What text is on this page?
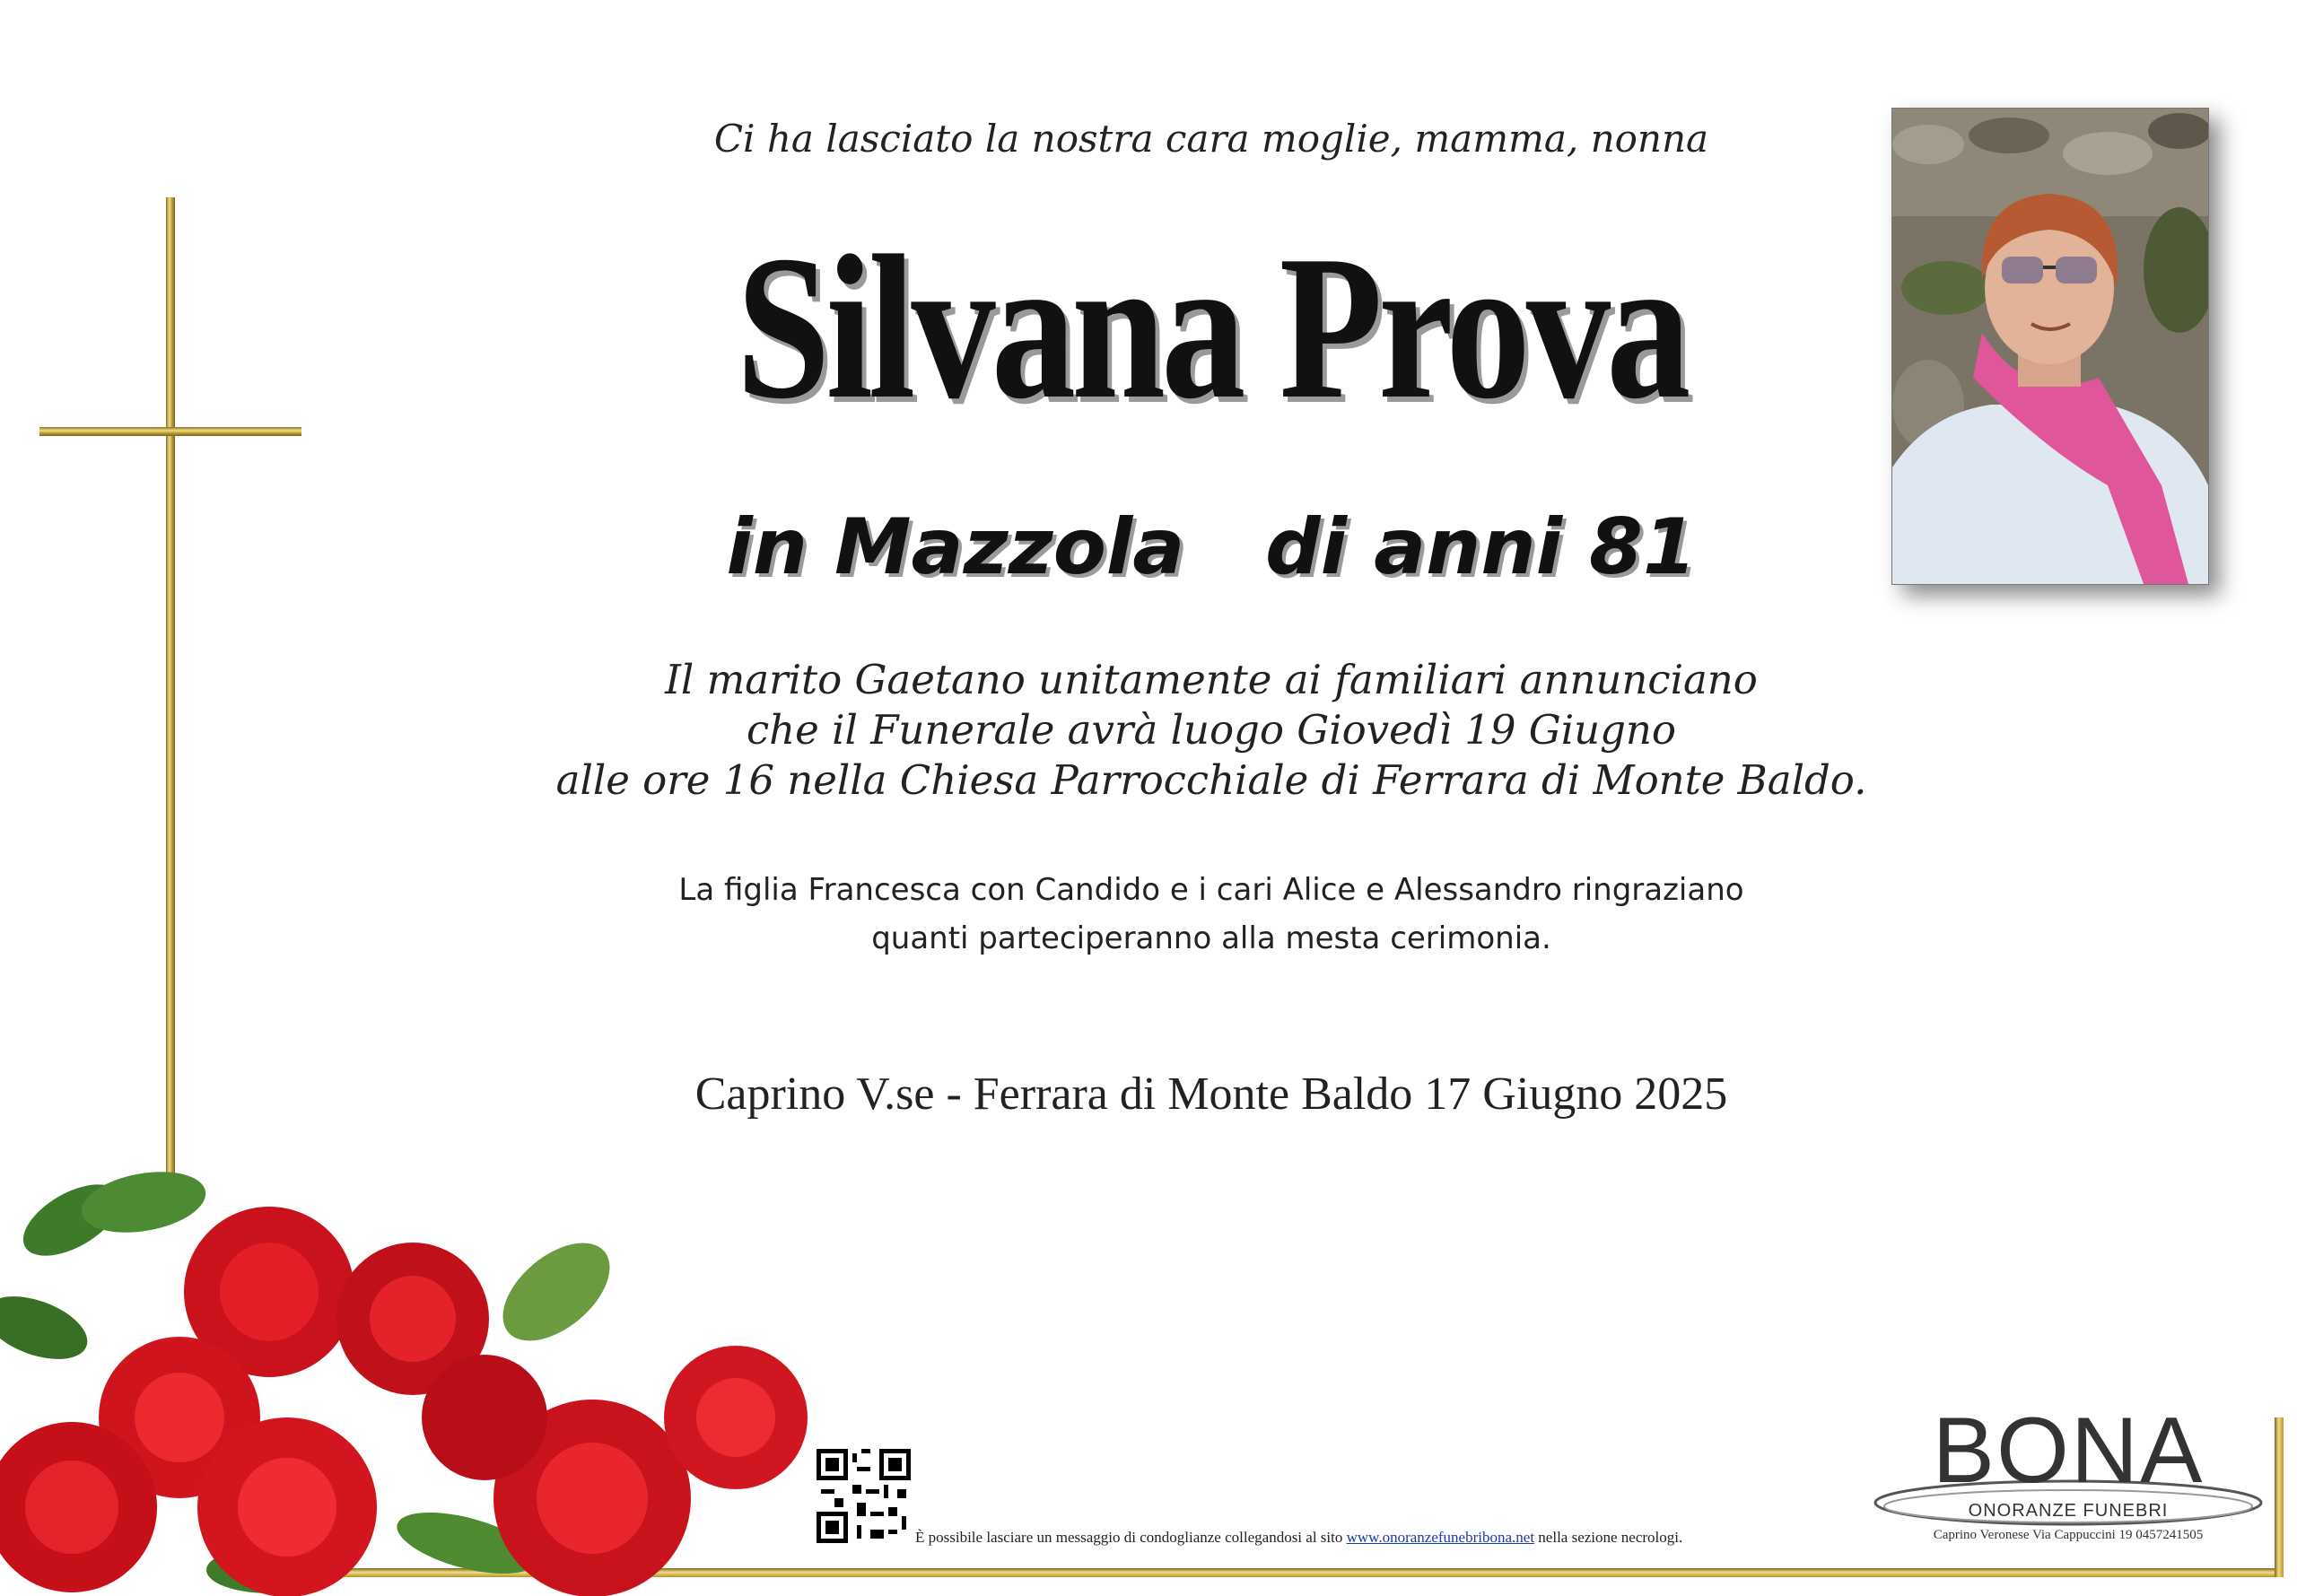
Ci ha lasciato la nostra cara moglie, mamma, nonna
Silvana Prova
in Mazzola   di anni 81
Il marito Gaetano unitamente ai familiari annunciano
che il Funerale avrà luogo Giovedì 19 Giugno
alle ore 16 nella Chiesa Parrocchiale di Ferrara di Monte Baldo.
La figlia Francesca con Candido e i cari Alice e Alessandro ringraziano
quanti parteciperanno alla mesta cerimonia.
Caprino V.se - Ferrara di Monte Baldo 17 Giugno 2025
È possibile lasciare un messaggio di condoglianze collegandosi al sito www.onoranzefunebribona.net nella sezione necrologi.
BONA
ONORANZE FUNEBRI
Caprino Veronese Via Cappuccini 19 0457241505
